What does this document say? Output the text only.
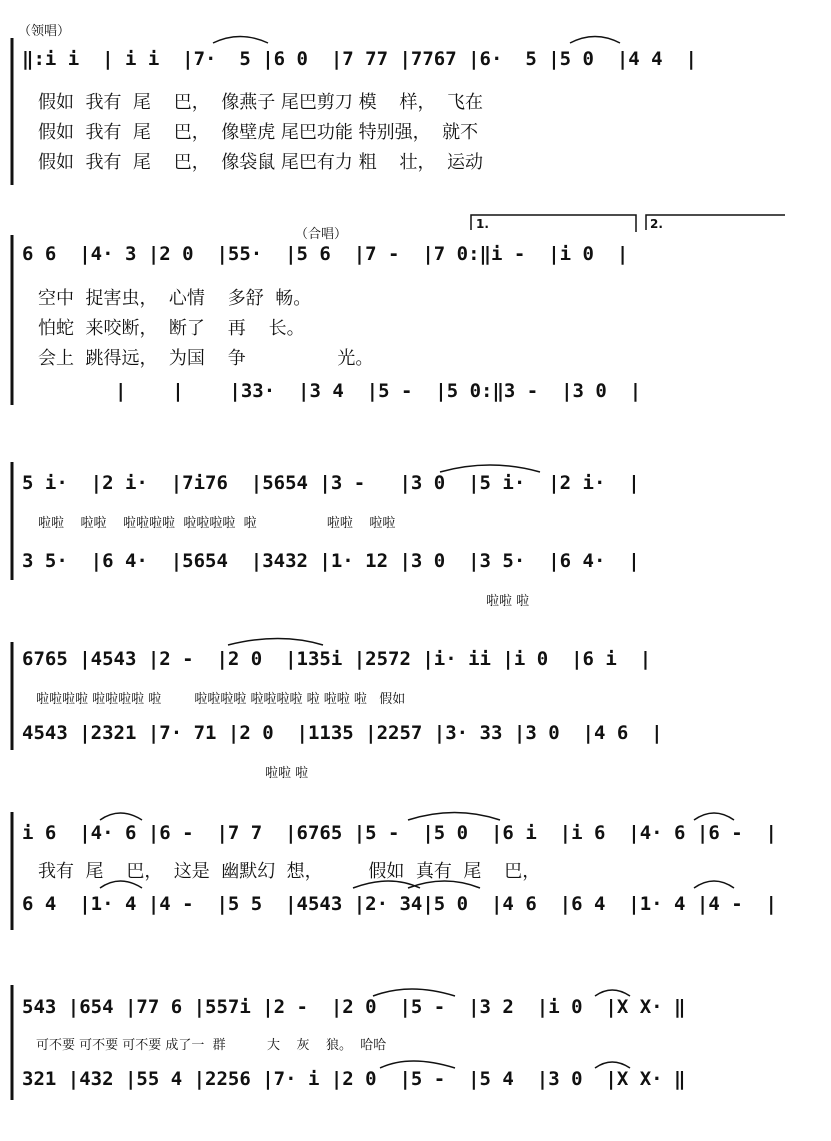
（领唱）
（合唱）
1.	2.
‖:i i  | i i  |7·  5 |6 0  |7 77 |7767 |6·  5 |5 0  |4 4  |
假如  我有  尾    巴，  像燕子 尾巴剪刀 模    样，  飞在
假如  我有  尾    巴，  像壁虎 尾巴功能 特别强，  就不
假如  我有  尾    巴，  像袋鼠 尾巴有力 粗    壮，  运动
6 6  |4· 3 |2 0  |55·  |5 6  |7 -  |7 0:‖i -  |i 0  |
空中  捉害虫，  心情    多舒  畅。
怕蛇  来咬断，  断了    再    长。
会上  跳得远，  为国    争                光。
|    |    |33·  |3 4  |5 -  |5 0:‖3 -  |3 0  |
5 i·  |2 i·  |7i76  |5654 |3 -   |3 0  |5 i·  |2 i·  |
啦啦    啦啦    啦啦啦啦  啦啦啦啦  啦                 啦啦    啦啦
3 5·  |6 4·  |5654  |3432 |1· 12 |3 0  |3 5·  |6 4·  |
啦啦 啦
6765 |4543 |2 -  |2 0  |135i |2572 |i· ii |i 0  |6 i  |
啦啦啦啦 啦啦啦啦 啦        啦啦啦啦 啦啦啦啦 啦 啦啦 啦   假如
4543 |2321 |7· 71 |2 0  |1135 |2257 |3· 33 |3 0  |4 6  |
啦啦 啦
i 6  |4· 6 |6 -  |7 7  |6765 |5 -  |5 0  |6 i  |i 6  |4· 6 |6 -  |
我有  尾    巴，  这是  幽默幻  想，        假如  真有  尾    巴，
6 4  |1· 4 |4 -  |5 5  |4543 |2· 34|5 0  |4 6  |6 4  |1· 4 |4 -  |
543 |654 |77 6 |557i |2 -  |2 0  |5 -  |3 2  |i 0  |X X· ‖
可不要 可不要 可不要 成了一  群          大    灰    狼。  哈哈
321 |432 |55 4 |2256 |7· i |2 0  |5 -  |5 4  |3 0  |X X· ‖
